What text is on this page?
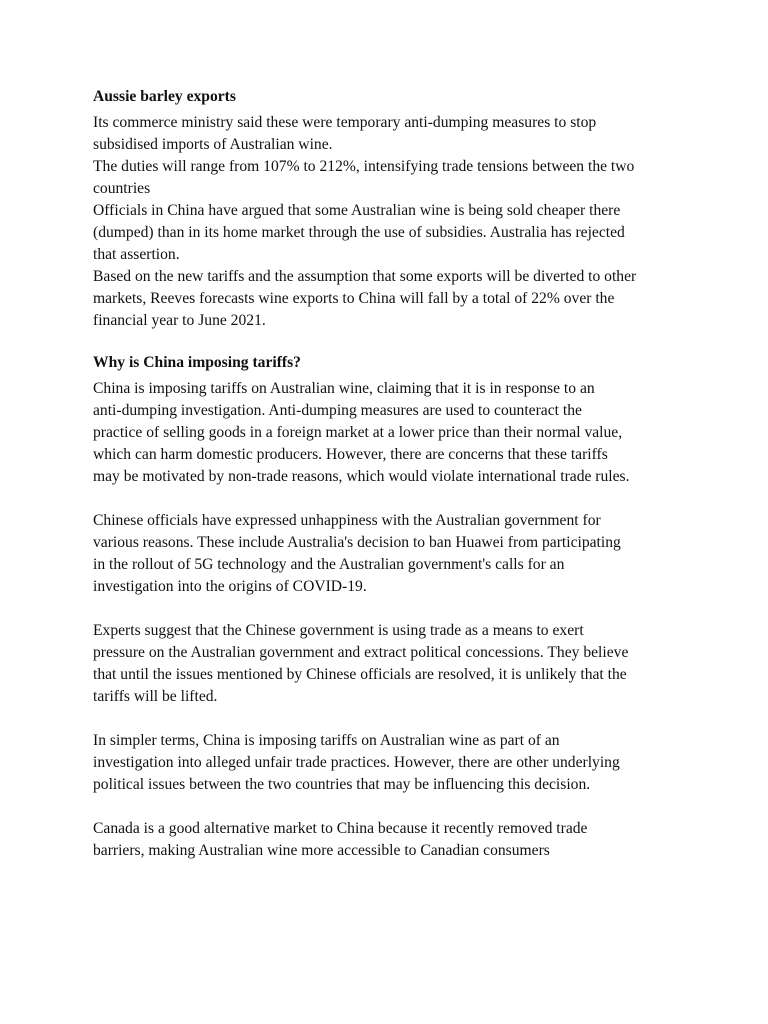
Aussie barley exports

Its commerce ministry said these were temporary anti-dumping measures to stop

subsidised imports of Australian wine.

The duties will range from 107% to 212%, intensifying trade tensions between the two

countries

Officials in China have argued that some Australian wine is being sold cheaper there

(dumped) than in its home market through the use of subsidies. Australia has rejected

that assertion.

Based on the new tariffs and the assumption that some exports will be diverted to other

markets, Reeves forecasts wine exports to China will fall by a total of 22% over the

financial year to June 2021.

Why is China imposing tariffs?

China is imposing tariffs on Australian wine, claiming that it is in response to an

anti-dumping investigation. Anti-dumping measures are used to counteract the

practice of selling goods in a foreign market at a lower price than their normal value,

which can harm domestic producers. However, there are concerns that these tariffs

may be motivated by non-trade reasons, which would violate international trade rules.

Chinese officials have expressed unhappiness with the Australian government for

various reasons. These include Australia's decision to ban Huawei from participating

in the rollout of 5G technology and the Australian government's calls for an

investigation into the origins of COVID-19.

Experts suggest that the Chinese government is using trade as a means to exert

pressure on the Australian government and extract political concessions. They believe

that until the issues mentioned by Chinese officials are resolved, it is unlikely that the

tariffs will be lifted.

In simpler terms, China is imposing tariffs on Australian wine as part of an

investigation into alleged unfair trade practices. However, there are other underlying

political issues between the two countries that may be influencing this decision.

Canada is a good alternative market to China because it recently removed trade

barriers, making Australian wine more accessible to Canadian consumers
